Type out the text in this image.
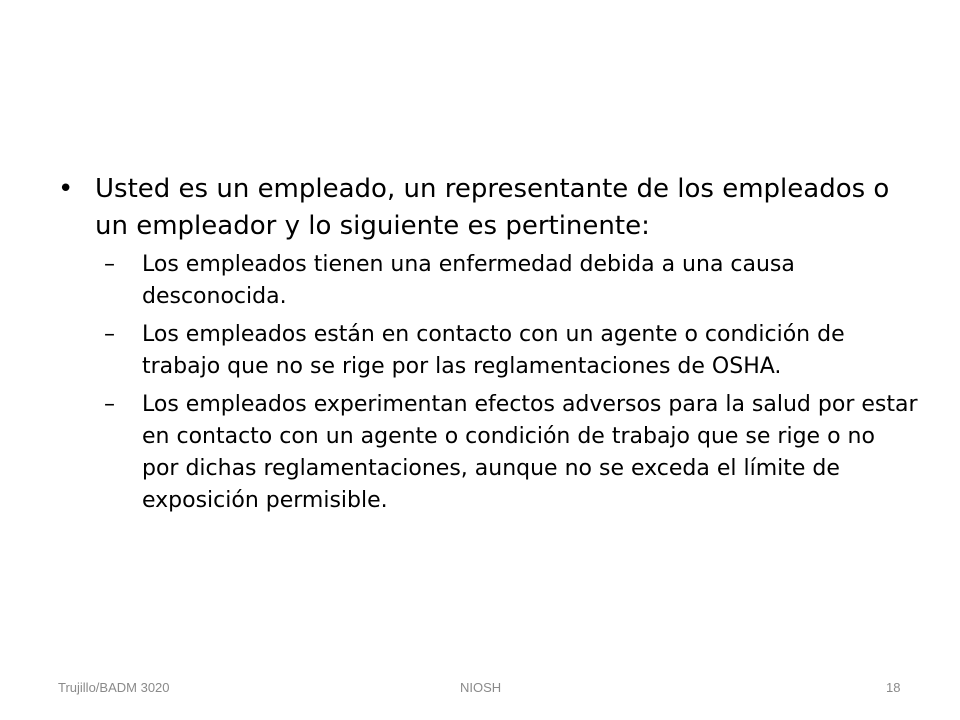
• Usted es un empleado, un representante de los empleados o un empleador y lo siguiente es pertinente:
– Los empleados tienen una enfermedad debida a una causa desconocida.
– Los empleados están en contacto con un agente o condición de trabajo que no se rige por las reglamentaciones de OSHA.
– Los empleados experimentan efectos adversos para la salud por estar en contacto con un agente o condición de trabajo que se rige o no por dichas reglamentaciones, aunque no se exceda el límite de exposición permisible.
Trujillo/BADM 3020	NIOSH	18
